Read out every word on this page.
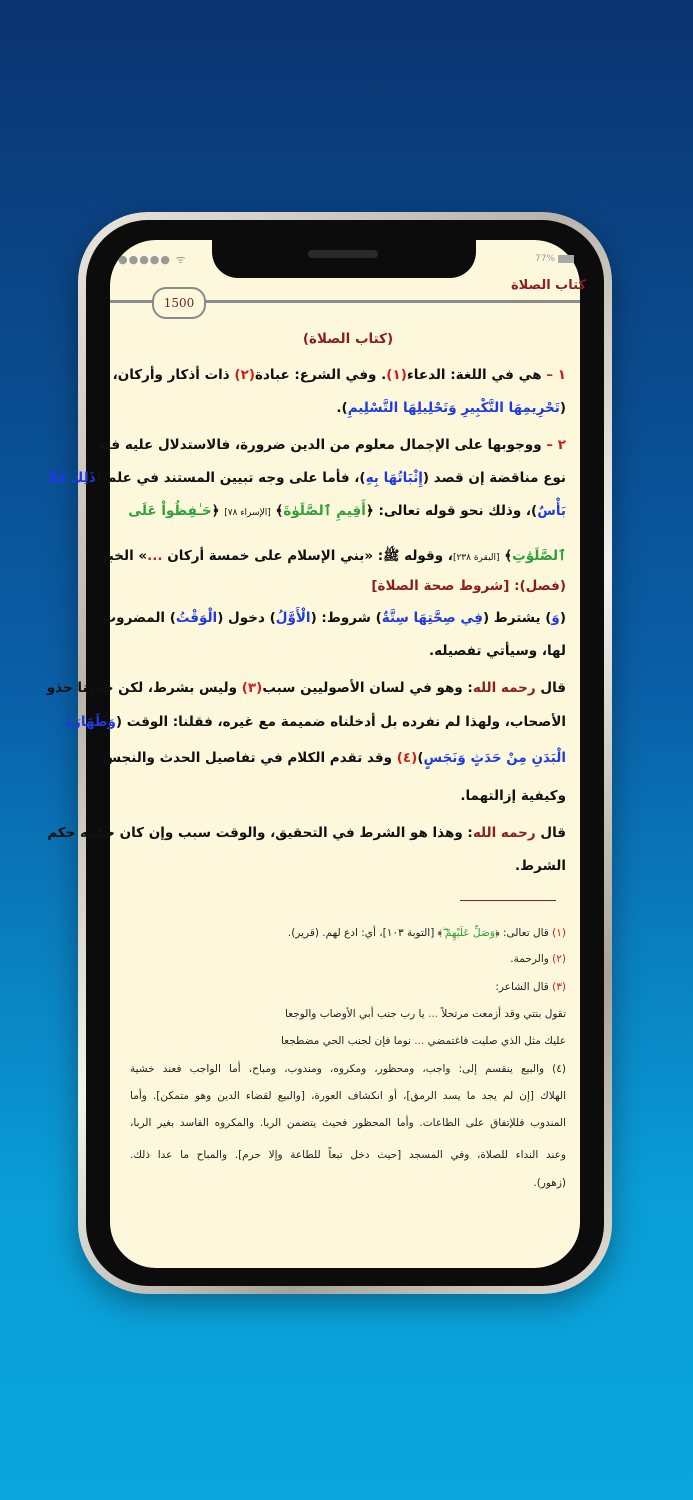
●●●●● ᯤ	77%
كتاب الصلاة
1500
(كتاب الصلاة)
١ – هي في اللغة: الدعاء(١). وفي الشرع: عبادة(٢) ذات أذكار وأركان،
(تَحْرِيمِهَا التَّكْبِيرِ وَتَحْلِيلِهَا التَّسْلِيمِ).
٢ – ووجوبها على الإجمال معلوم من الدين ضرورة، فالاستدلال عليه فيه
نوع مناقضة إن قصد (إِثْبَاتُهَا بِهِ)، فأما على وجه تبيين المستند في علم (ذَلِكَ فَلَا
بَأْسٌ)، وذلك نحو قوله تعالى: ﴿أَقِيمِ ٱلصَّلَوٰةَ﴾ [الإسراء ٧٨] ﴿حَـٰفِظُواْ عَلَى
ٱلصَّلَوَٰتِ﴾ [البقرة ٢٣٨]، وقوله ﷺ: «بني الإسلام على خمسة أركان ...» الخبر.
(فصل): [شروط صحة الصلاة]
(وَ) يشترط (فِي صِحَّتِهَا سِتَّةٌ) شروط: (الْأَوَّلُ) دخول (الْوَقْتُ) المضروب
لها، وسيأتي تفصيله.
قال رحمه الله: وهو في لسان الأصوليين سبب(٣) وليس بشرط، لكن حذونا حذو
الأصحاب، ولهذا لم نفرده بل أدخلناه ضميمة مع غيره، فقلنا: الوقت (وَطَهَارَةُ
الْبَدَنِ مِنْ حَدَثٍ وَنَجَسٍ)(٤) وقد تقدم الكلام في تفاصيل الحدث والنجس
وكيفية إزالتهما.
قال رحمه الله: وهذا هو الشرط في التحقيق، والوقت سبب وإن كان حكمه حكم
الشرط.
(١) قال تعالى: ﴿وَصَلِّ عَلَيْهِمْ ۖ﴾ [التوبة ١٠٣]، أي: ادع لهم. (قرير).
(٢) والرحمة.
(٣) قال الشاعر:
تقول بنتي وقد أزمعت مرتحلاً ... يا رب جنب أبي الأوصاب والوجعا
عليك مثل الذي صليت فاغتمضي ... نوما فإن لجنب الحي مضطجعا
(٤) والبيع ينقسم إلى: واجب، ومحظور، ومكروه، ومندوب، ومباح، أما الواجب فعند خشية
الهلاك [إن لم يجد ما يسد الرمق]، أو انكشاف العورة، [والبيع لقضاء الدين وهو متمكن]. وأما
المندوب فللإتفاق على الطاعات. وأما المحظور فحيث يتضمن الربا. والمكروه الفاسد بغير الربا،
وعند النداء للصلاة، وفي المسجد [حيث دخل تبعاً للطاعة وإلا حرم]. والمباح ما عدا ذلك.
(زهور).
